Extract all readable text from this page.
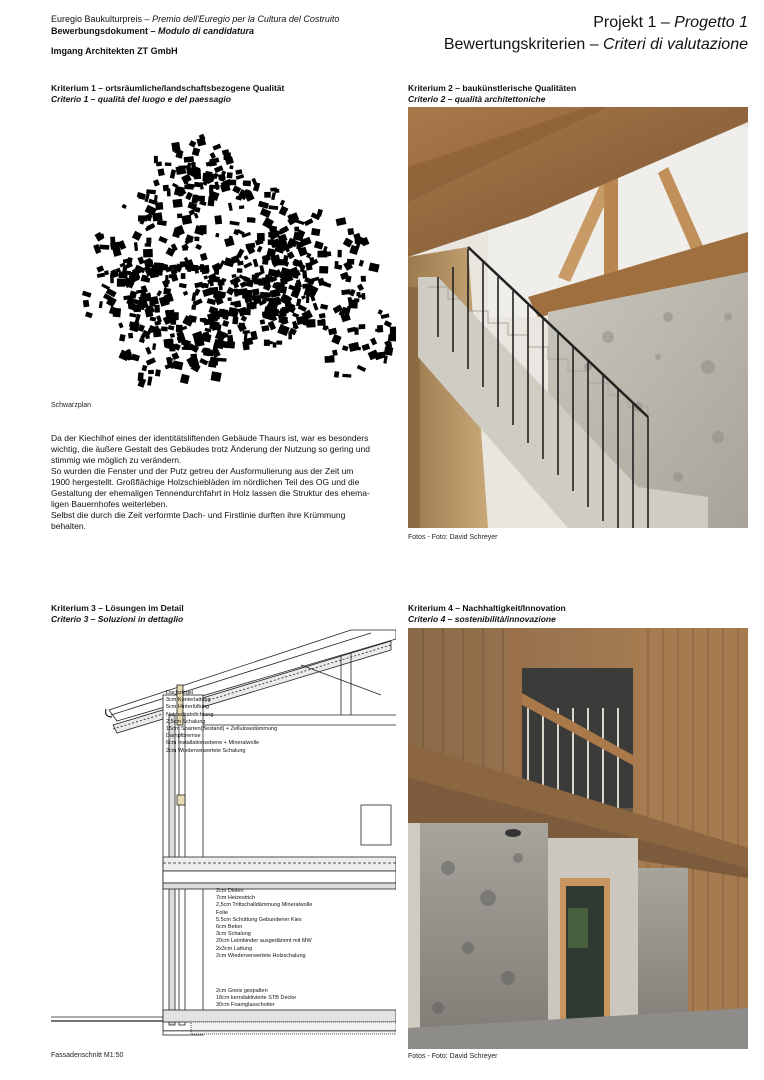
Euregio Baukulturpreis – Premio dell'Euregio per la Cultura del Costruito
Bewerbungsdokument – Modulo di candidatura
Imgang Architekten ZT GmbH
Projekt 1 – Progetto 1
Bewertungskriterien – Criteri di valutazione
Kriterium 1 – ortsräumliche/landschaftsbezogene Qualität
Criterio 1 – qualità del luogo e del paessagio
Schwarzplan
Da der Kiechlhof eines der identitätsliftenden Gebäude Thaurs ist, war es besonders
wichtig, die äußere Gestalt des Gebäudes trotz Änderung der Nutzung so gering und
stimmig wie möglich zu verändern.
So wurden die Fenster und der Putz getreu der Ausformulierung aus der Zeit um
1900 hergestellt. Großflächige Holzschiebläden im nördlichen Teil des OG und die
Gestaltung der ehemaligen Tennendurchfahrt in Holz lassen die Struktur des ehema-
ligen Bauernhofes weiterleben.
Selbst die durch die Zeit verformte Dach- und Firstlinie durften ihre Krümmung
behalten.
Kriterium 2 – baukünstlerische Qualitäten
Criterio 2 – qualità architettoniche
Fotos - Foto: David Schreyer
Kriterium 3 – Lösungen im Detail
Criterio 3 – Soluzioni in dettaglio
Dachziegel
3cm Konterlattung
5cm Hinterlüftung
Notdachabdichtung
2,5cm Schalung
15cm Sparren(Bestand) + Zellulosedämmung
Dampfbremse
6cm Installationsebene + Mineralwolle
2cm Wiederverwertete Schalung
2cm Dielen
7cm Heizestrich
2,5cm Trittschalldämmung Mineralwolle
Folie
5,5cm Schüttung Gebundener Kies
6cm Beton
3cm Schalung
20cm Leimbinder ausgedämmt mit MW
2x3cm Lattung
2cm Wiederverwertete Holzschalung
2cm Gneis gespalten
18cm kerndaktivierte STB Decke
30cm Foamglasschotter
Fassadenschnitt M1:50
Kriterium 4 – Nachhaltigkeit/Innovation
Criterio 4 – sostenibilità/innovazione
Fotos - Foto: David Schreyer
